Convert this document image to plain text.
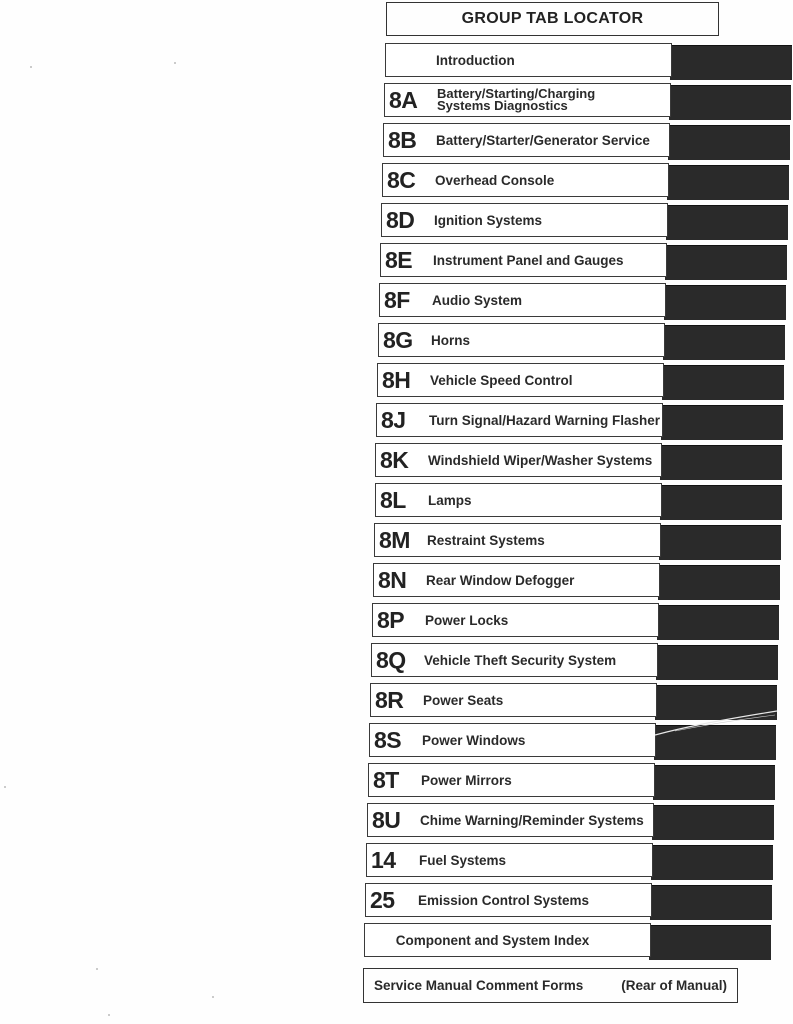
GROUP TAB LOCATOR
Introduction
8A	Battery/Starting/Charging
Systems Diagnostics
8B	Battery/Starter/Generator Service
8C	Overhead Console
8D	Ignition Systems
8E	Instrument Panel and Gauges
8F	Audio System
8G	Horns
8H	Vehicle Speed Control
8J	Turn Signal/Hazard Warning Flasher
8K	Windshield Wiper/Washer Systems
8L	Lamps
8M	Restraint Systems
8N	Rear Window Defogger
8P	Power Locks
8Q	Vehicle Theft Security System
8R	Power Seats
8S	Power Windows
8T	Power Mirrors
8U	Chime Warning/Reminder Systems
14	Fuel Systems
25	Emission Control Systems
Component and System Index
Service Manual Comment Forms	(Rear of Manual)
